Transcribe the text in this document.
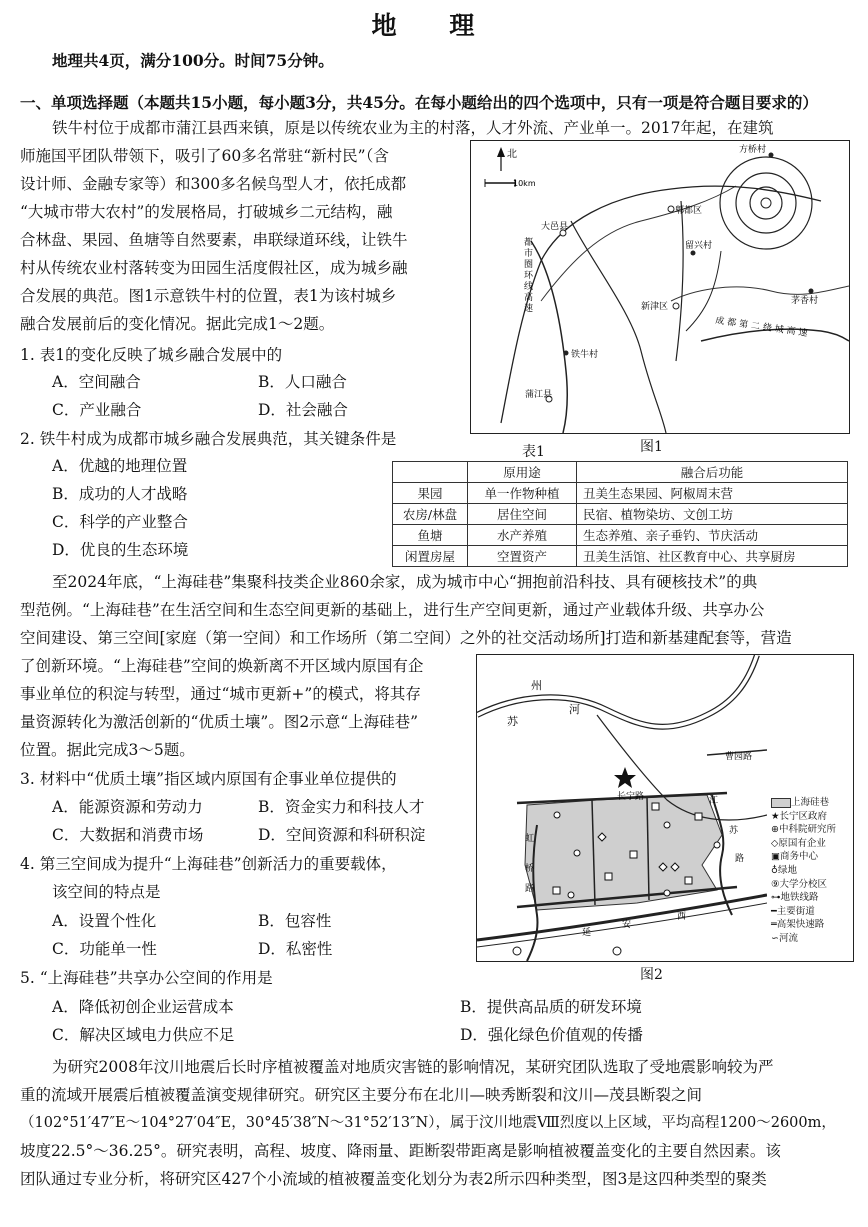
地 理
地理共4页，满分100分。时间75分钟。
一、单项选择题（本题共15小题，每小题3分，共45分。在每小题给出的四个选项中，只有一项是符合题目要求的）
铁牛村位于成都市蒲江县西来镇，原是以传统农业为主的村落，人才外流、产业单一。2017年起，在建筑
师施国平团队带领下，吸引了60多名常驻“新村民”（含
设计师、金融专家等）和300多名候鸟型人才，依托成都
“大城市带大农村”的发展格局，打破城乡二元结构，融
合林盘、果园、鱼塘等自然要素，串联绿道环线，让铁牛
村从传统农业村落转变为田园生活度假社区，成为城乡融
合发展的典范。图1示意铁牛村的位置，表1为该村城乡
融合发展前后的变化情况。据此完成1～2题。
1. 表1的变化反映了城乡融合发展中的
A．空间融合	B．人口融合
C．产业融合	D．社会融合
2. 铁牛村成为成都市城乡融合发展典范，其关键条件是
A．优越的地理位置
B．成功的人才战略
C．科学的产业整合
D．优良的生态环境
北
10km
郫都区
大邑县
留兴村
新津区
茅香村
方桥村
铁牛村
蒲江县
都市圈环线高速
成都第二绕城高速
图1
表1
	原用途	融合后功能
果园	单一作物种植	丑美生态果园、阿椒周末营
农房/林盘	居住空间	民宿、植物染坊、文创工坊
鱼塘	水产养殖	生态养殖、亲子垂钓、节庆活动
闲置房屋	空置资产	丑美生活馆、社区教育中心、共享厨房
至2024年底，“上海硅巷”集聚科技类企业860余家，成为城市中心“拥抱前沿科技、具有硬核技术”的典
型范例。“上海硅巷”在生活空间和生态空间更新的基础上，进行生产空间更新，通过产业载体升级、共享办公
空间建设、第三空间[家庭（第一空间）和工作场所（第二空间）之外的社交活动场所]打造和新基建配套等，营造
了创新环境。“上海硅巷”空间的焕新离不开区域内原国有企
事业单位的积淀与转型，通过“城市更新+”的模式，将其存
量资源转化为激活创新的“优质土壤”。图2示意“上海硅巷”
位置。据此完成3～5题。
3. 材料中“优质土壤”指区域内原国有企事业单位提供的
A．能源资源和劳动力	B．资金实力和科技人才
C．大数据和消费市场	D．空间资源和科研积淀
4. 第三空间成为提升“上海硅巷”创新活力的重要载体，
该空间的特点是
A．设置个性化	B．包容性
C．功能单一性	D．私密性
5. “上海硅巷”共享办公空间的作用是
A．降低初创企业运营成本	B．提供高品质的研发环境
C．解决区域电力供应不足	D．强化绿色价值观的传播
州
苏
河
长宁路
曹园路
江
苏
路
虹
桥
路
延
安
西
上海硅巷
★长宁区政府
⊕中科院研究所
◇原国有企业
▣商务中心
♁绿地
⑨大学分校区
⊶地铁线路
━主要街道
═高架快速路
∽河流
图2
为研究2008年汶川地震后长时序植被覆盖对地质灾害链的影响情况，某研究团队选取了受地震影响较为严
重的流域开展震后植被覆盖演变规律研究。研究区主要分布在北川—映秀断裂和汶川—茂县断裂之间
（102°51′47″E～104°27′04″E，30°45′38″N～31°52′13″N），属于汶川地震Ⅷ烈度以上区域，平均高程1200～2600m，
坡度22.5°～36.25°。研究表明，高程、坡度、降雨量、距断裂带距离是影响植被覆盖变化的主要自然因素。该
团队通过专业分析，将研究区427个小流域的植被覆盖变化划分为表2所示四种类型，图3是这四种类型的聚类
